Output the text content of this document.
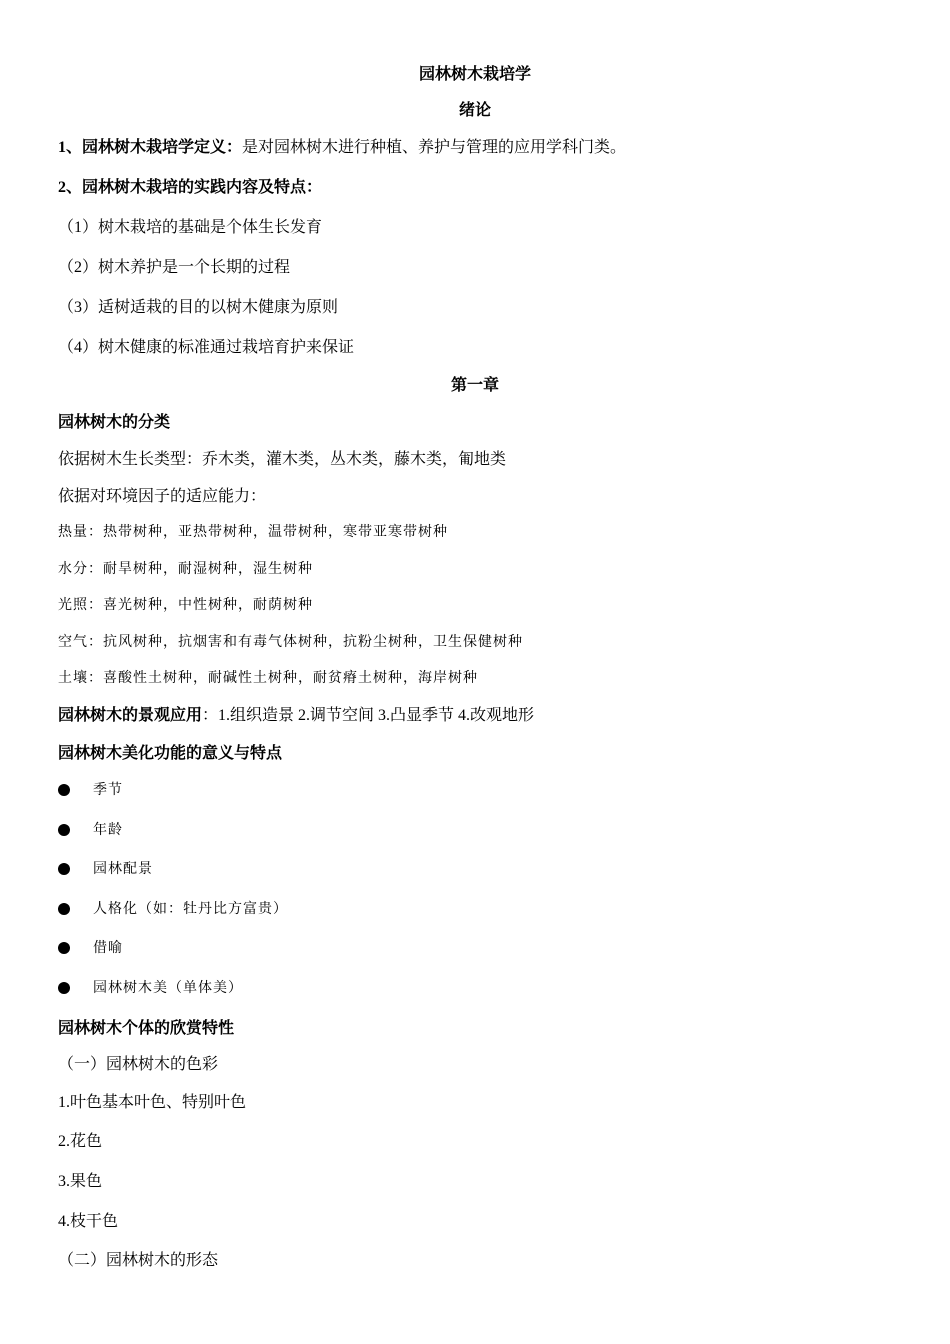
园林树木栽培学
绪论
1、园林树木栽培学定义：是对园林树木进行种植、养护与管理的应用学科门类。
2、园林树木栽培的实践内容及特点：
（1）树木栽培的基础是个体生长发育
（2）树木养护是一个长期的过程
（3）适树适栽的目的以树木健康为原则
（4）树木健康的标准通过栽培育护来保证
第一章
园林树木的分类
依据树木生长类型：乔木类，灌木类，丛木类，藤木类，匍地类
依据对环境因子的适应能力：
热量：热带树种，亚热带树种，温带树种，寒带亚寒带树种
水分：耐旱树种，耐湿树种，湿生树种
光照：喜光树种，中性树种，耐荫树种
空气：抗风树种，抗烟害和有毒气体树种，抗粉尘树种，卫生保健树种
土壤：喜酸性土树种，耐碱性土树种，耐贫瘠土树种，海岸树种
园林树木的景观应用：1.组织造景 2.调节空间 3.凸显季节 4.改观地形
园林树木美化功能的意义与特点
季节
年龄
园林配景
人格化（如：牡丹比方富贵）
借喻
园林树木美（单体美）
园林树木个体的欣赏特性
（一）园林树木的色彩
1.叶色基本叶色、特别叶色
2.花色
3.果色
4.枝干色
（二）园林树木的形态
